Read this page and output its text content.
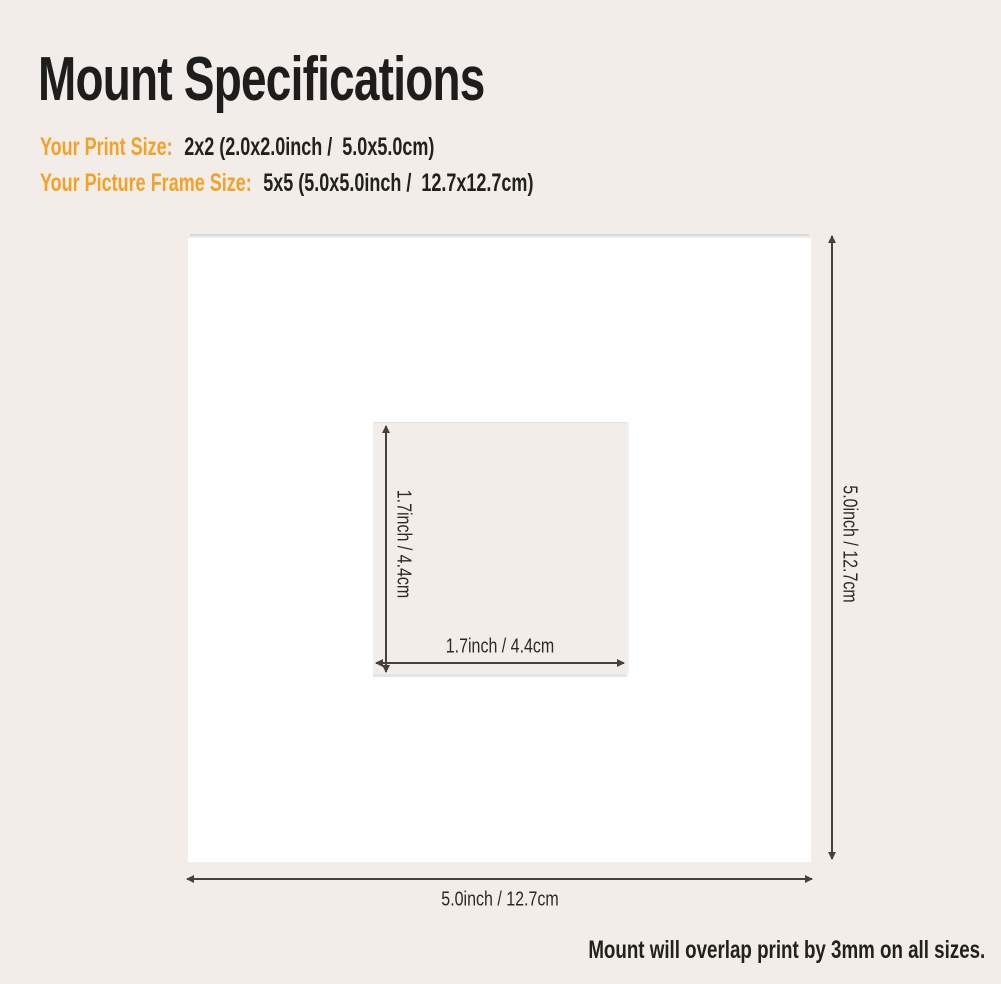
Mount Specifications
Your Print Size: 2x2 (2.0x2.0inch /  5.0x5.0cm)
Your Picture Frame Size: 5x5 (5.0x5.0inch /  12.7x12.7cm)
1.7inch / 4.4cm
1.7inch / 4.4cm
5.0inch / 12.7cm
5.0inch / 12.7cm
Mount will overlap print by 3mm on all sizes.
